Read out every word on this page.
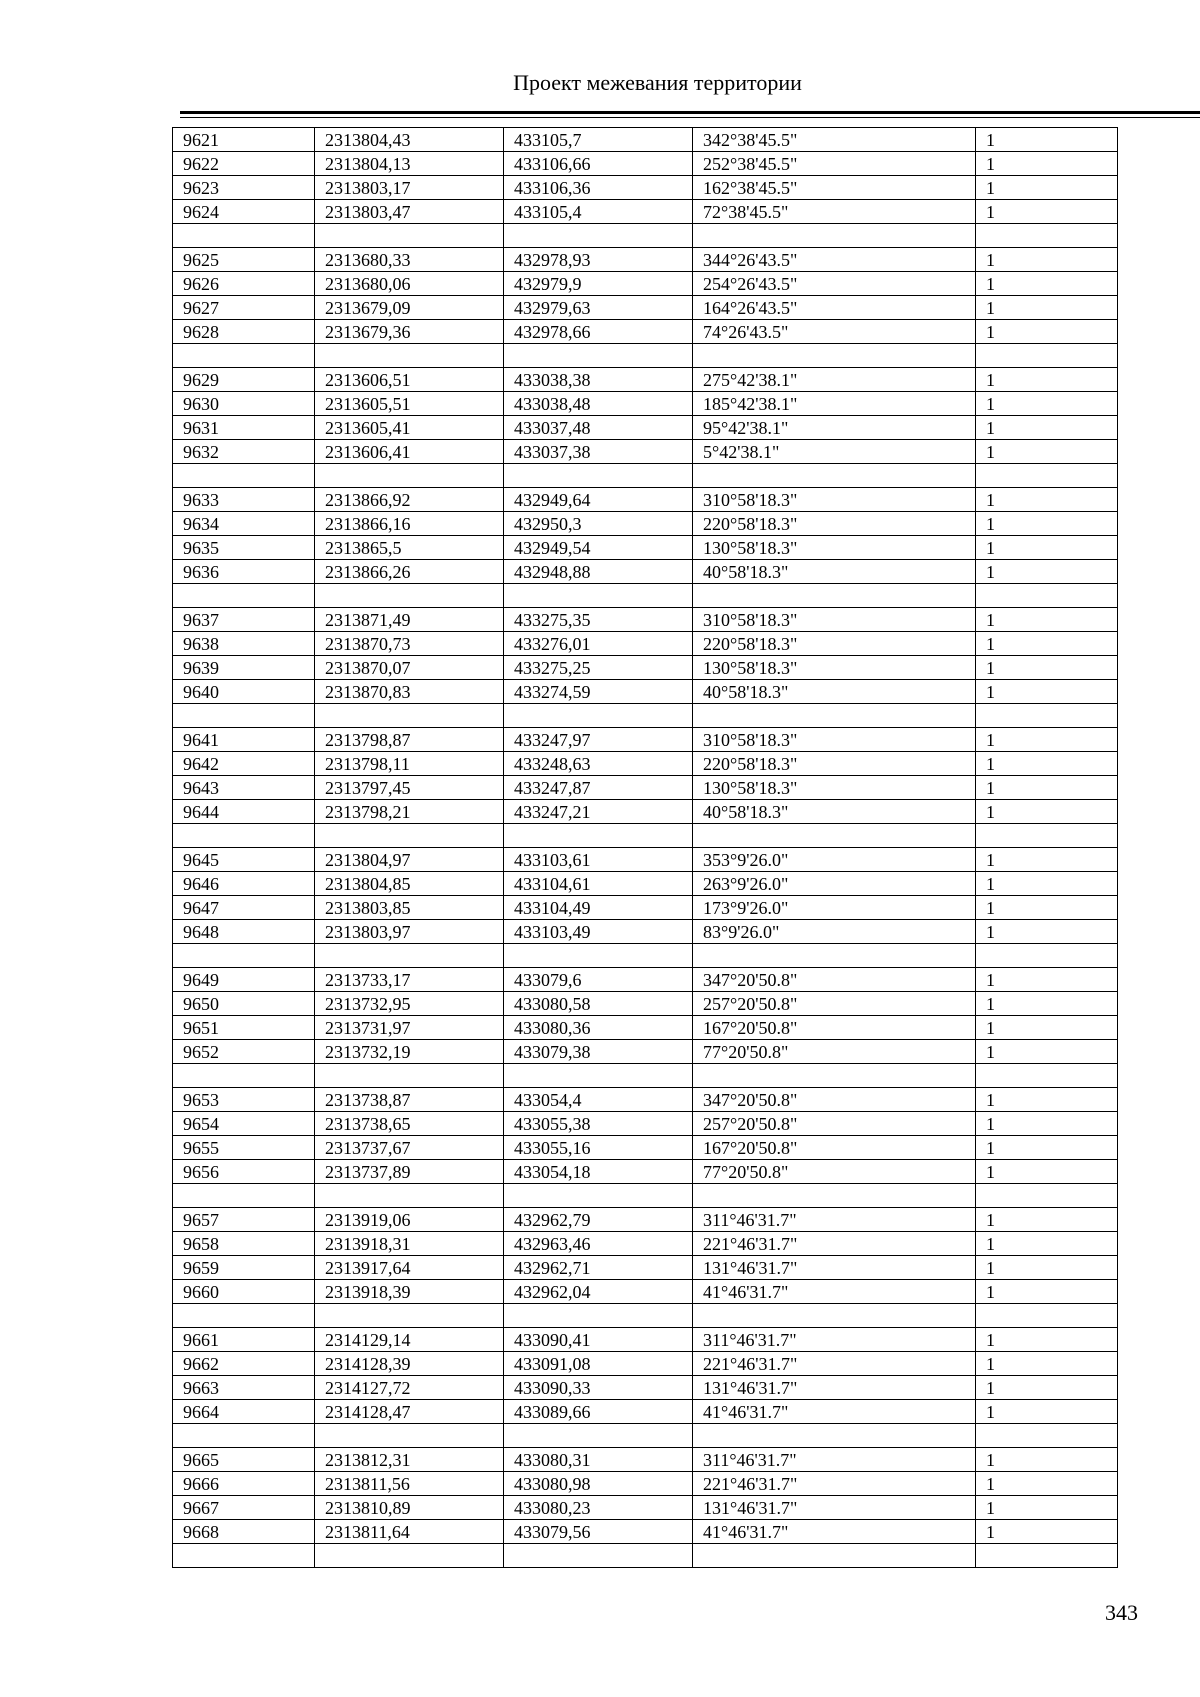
Проект межевания территории
9621	2313804,43	433105,7	342°38'45.5"	1
9622	2313804,13	433106,66	252°38'45.5"	1
9623	2313803,17	433106,36	162°38'45.5"	1
9624	2313803,47	433105,4	72°38'45.5"	1

9625	2313680,33	432978,93	344°26'43.5"	1
9626	2313680,06	432979,9	254°26'43.5"	1
9627	2313679,09	432979,63	164°26'43.5"	1
9628	2313679,36	432978,66	74°26'43.5"	1

9629	2313606,51	433038,38	275°42'38.1"	1
9630	2313605,51	433038,48	185°42'38.1"	1
9631	2313605,41	433037,48	95°42'38.1"	1
9632	2313606,41	433037,38	5°42'38.1"	1

9633	2313866,92	432949,64	310°58'18.3"	1
9634	2313866,16	432950,3	220°58'18.3"	1
9635	2313865,5	432949,54	130°58'18.3"	1
9636	2313866,26	432948,88	40°58'18.3"	1

9637	2313871,49	433275,35	310°58'18.3"	1
9638	2313870,73	433276,01	220°58'18.3"	1
9639	2313870,07	433275,25	130°58'18.3"	1
9640	2313870,83	433274,59	40°58'18.3"	1

9641	2313798,87	433247,97	310°58'18.3"	1
9642	2313798,11	433248,63	220°58'18.3"	1
9643	2313797,45	433247,87	130°58'18.3"	1
9644	2313798,21	433247,21	40°58'18.3"	1

9645	2313804,97	433103,61	353°9'26.0"	1
9646	2313804,85	433104,61	263°9'26.0"	1
9647	2313803,85	433104,49	173°9'26.0"	1
9648	2313803,97	433103,49	83°9'26.0"	1

9649	2313733,17	433079,6	347°20'50.8"	1
9650	2313732,95	433080,58	257°20'50.8"	1
9651	2313731,97	433080,36	167°20'50.8"	1
9652	2313732,19	433079,38	77°20'50.8"	1

9653	2313738,87	433054,4	347°20'50.8"	1
9654	2313738,65	433055,38	257°20'50.8"	1
9655	2313737,67	433055,16	167°20'50.8"	1
9656	2313737,89	433054,18	77°20'50.8"	1

9657	2313919,06	432962,79	311°46'31.7"	1
9658	2313918,31	432963,46	221°46'31.7"	1
9659	2313917,64	432962,71	131°46'31.7"	1
9660	2313918,39	432962,04	41°46'31.7"	1

9661	2314129,14	433090,41	311°46'31.7"	1
9662	2314128,39	433091,08	221°46'31.7"	1
9663	2314127,72	433090,33	131°46'31.7"	1
9664	2314128,47	433089,66	41°46'31.7"	1

9665	2313812,31	433080,31	311°46'31.7"	1
9666	2313811,56	433080,98	221°46'31.7"	1
9667	2313810,89	433080,23	131°46'31.7"	1
9668	2313811,64	433079,56	41°46'31.7"	1

343
